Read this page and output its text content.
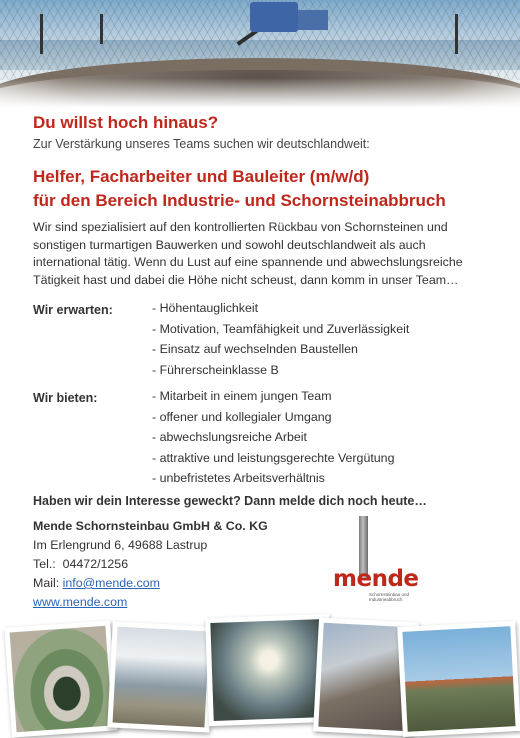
Du willst hoch hinaus?
Zur Verstärkung unseres Teams suchen wir deutschlandweit:
Helfer, Facharbeiter und Bauleiter (m/w/d)
für den Bereich Industrie- und Schornsteinabbruch
Wir sind spezialisiert auf den kontrollierten Rückbau von Schornsteinen und sonstigen turmartigen Bauwerken und sowohl deutschlandweit als auch international tätig. Wenn du Lust auf eine spannende und abwechslungsreiche Tätigkeit hast und dabei die Höhe nicht scheust, dann komm in unser Team…
Wir erwarten:	- Höhentauglichkeit
- Motivation, Teamfähigkeit und Zuverlässigkeit
- Einsatz auf wechselnden Baustellen
- Führerscheinklasse B
Wir bieten:	- Mitarbeit in einem jungen Team
- offener und kollegialer Umgang
- abwechslungsreiche Arbeit
- attraktive und leistungsgerechte Vergütung
- unbefristetes Arbeitsverhältnis
Haben wir dein Interesse geweckt? Dann melde dich noch heute…
Mende Schornsteinbau GmbH & Co. KG
Im Erlengrund 6, 49688 Lastrup
Tel.: 04472/1256
Mail: info@mende.com
www.mende.com
mende
Schornsteinbau und
Industrieabbruch
